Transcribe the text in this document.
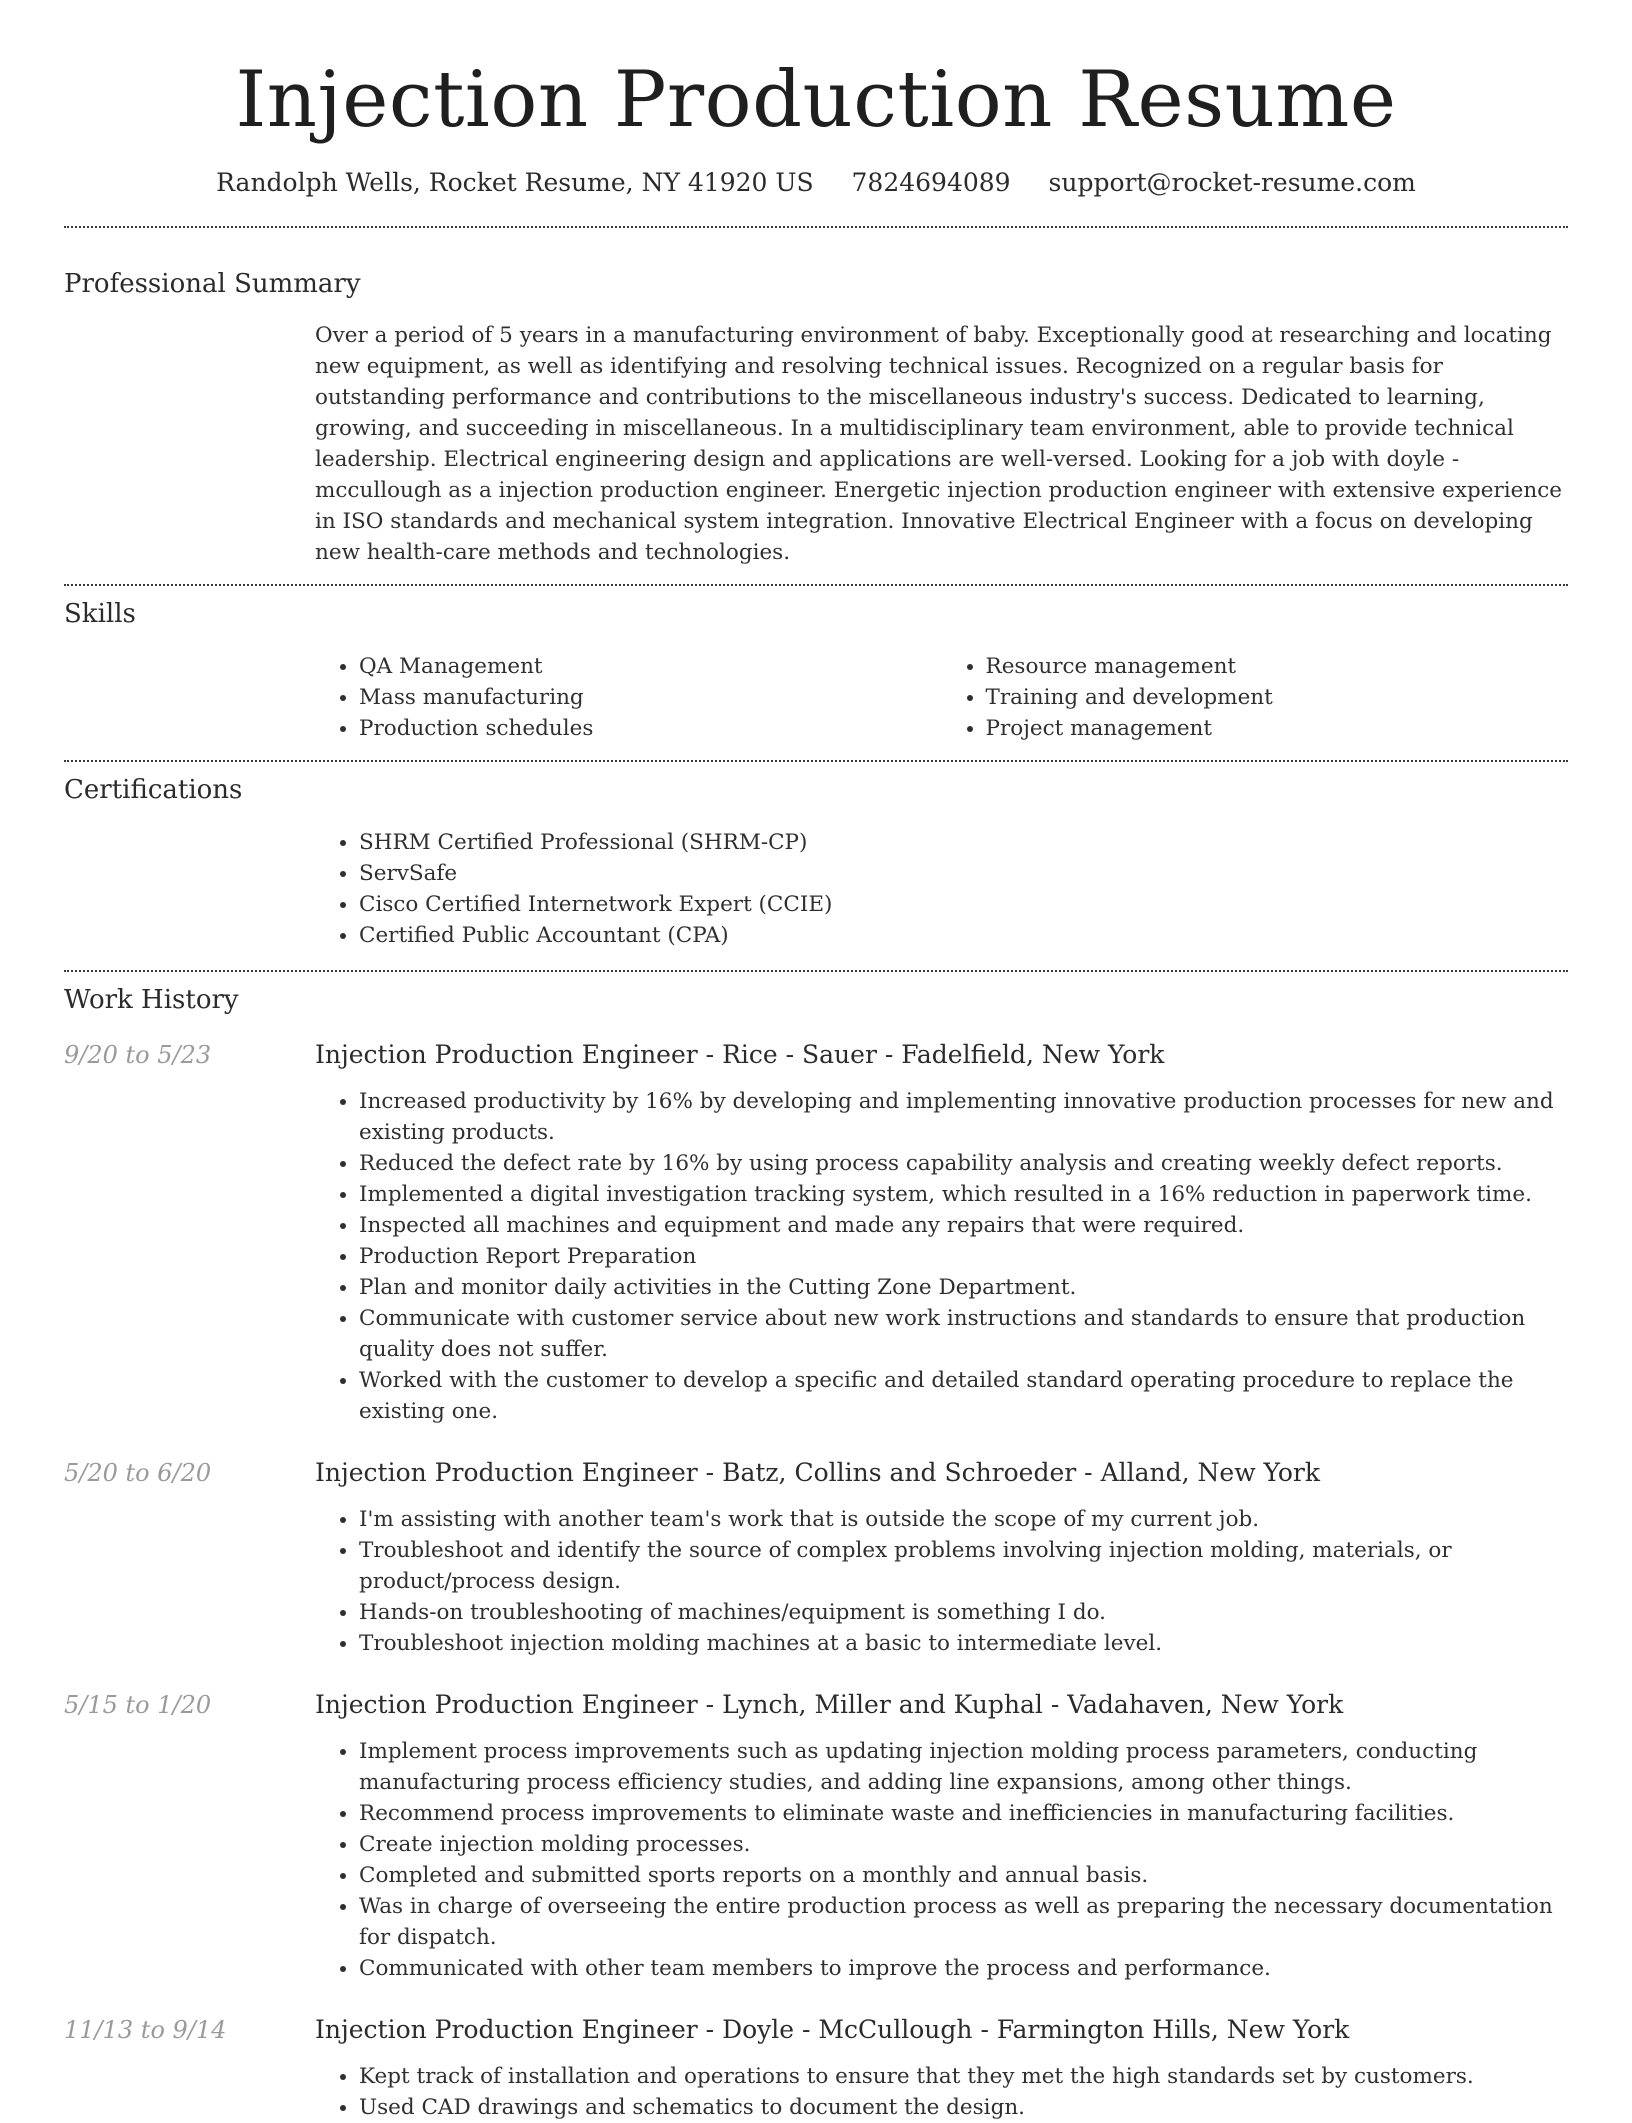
Injection Production Resume
Randolph Wells, Rocket Resume, NY 41920 US 7824694089 support@rocket-resume.com
Professional Summary

Over a period of 5 years in a manufacturing environment of baby. Exceptionally good at researching and locating new equipment, as well as identifying and resolving technical issues. Recognized on a regular basis for outstanding performance and contributions to the miscellaneous industry's success. Dedicated to learning, growing, and succeeding in miscellaneous. In a multidisciplinary team environment, able to provide technical leadership. Electrical engineering design and applications are well-versed. Looking for a job with doyle - mccullough as a injection production engineer. Energetic injection production engineer with extensive experience in ISO standards and mechanical system integration. Innovative Electrical Engineer with a focus on developing new health-care methods and technologies.

Skills
• QA Management
• Mass manufacturing
• Production schedules
• Resource management
• Training and development
• Project management
Certifications
• SHRM Certified Professional (SHRM-CP)
• ServSafe
• Cisco Certified Internetwork Expert (CCIE)
• Certified Public Accountant (CPA)
Work History
9/20 to 5/23	Injection Production Engineer - Rice - Sauer - Fadelfield, New York
• Increased productivity by 16% by developing and implementing innovative production processes for new and existing products.
• Reduced the defect rate by 16% by using process capability analysis and creating weekly defect reports.
• Implemented a digital investigation tracking system, which resulted in a 16% reduction in paperwork time.
• Inspected all machines and equipment and made any repairs that were required.
• Production Report Preparation
• Plan and monitor daily activities in the Cutting Zone Department.
• Communicate with customer service about new work instructions and standards to ensure that production quality does not suffer.
• Worked with the customer to develop a specific and detailed standard operating procedure to replace the existing one.
5/20 to 6/20	Injection Production Engineer - Batz, Collins and Schroeder - Alland, New York
• I'm assisting with another team's work that is outside the scope of my current job.
• Troubleshoot and identify the source of complex problems involving injection molding, materials, or product/process design.
• Hands-on troubleshooting of machines/equipment is something I do.
• Troubleshoot injection molding machines at a basic to intermediate level.
5/15 to 1/20	Injection Production Engineer - Lynch, Miller and Kuphal - Vadahaven, New York
• Implement process improvements such as updating injection molding process parameters, conducting manufacturing process efficiency studies, and adding line expansions, among other things.
• Recommend process improvements to eliminate waste and inefficiencies in manufacturing facilities.
• Create injection molding processes.
• Completed and submitted sports reports on a monthly and annual basis.
• Was in charge of overseeing the entire production process as well as preparing the necessary documentation for dispatch.
• Communicated with other team members to improve the process and performance.
11/13 to 9/14	Injection Production Engineer - Doyle - McCullough - Farmington Hills, New York
• Kept track of installation and operations to ensure that they met the high standards set by customers.
• Used CAD drawings and schematics to document the design.
